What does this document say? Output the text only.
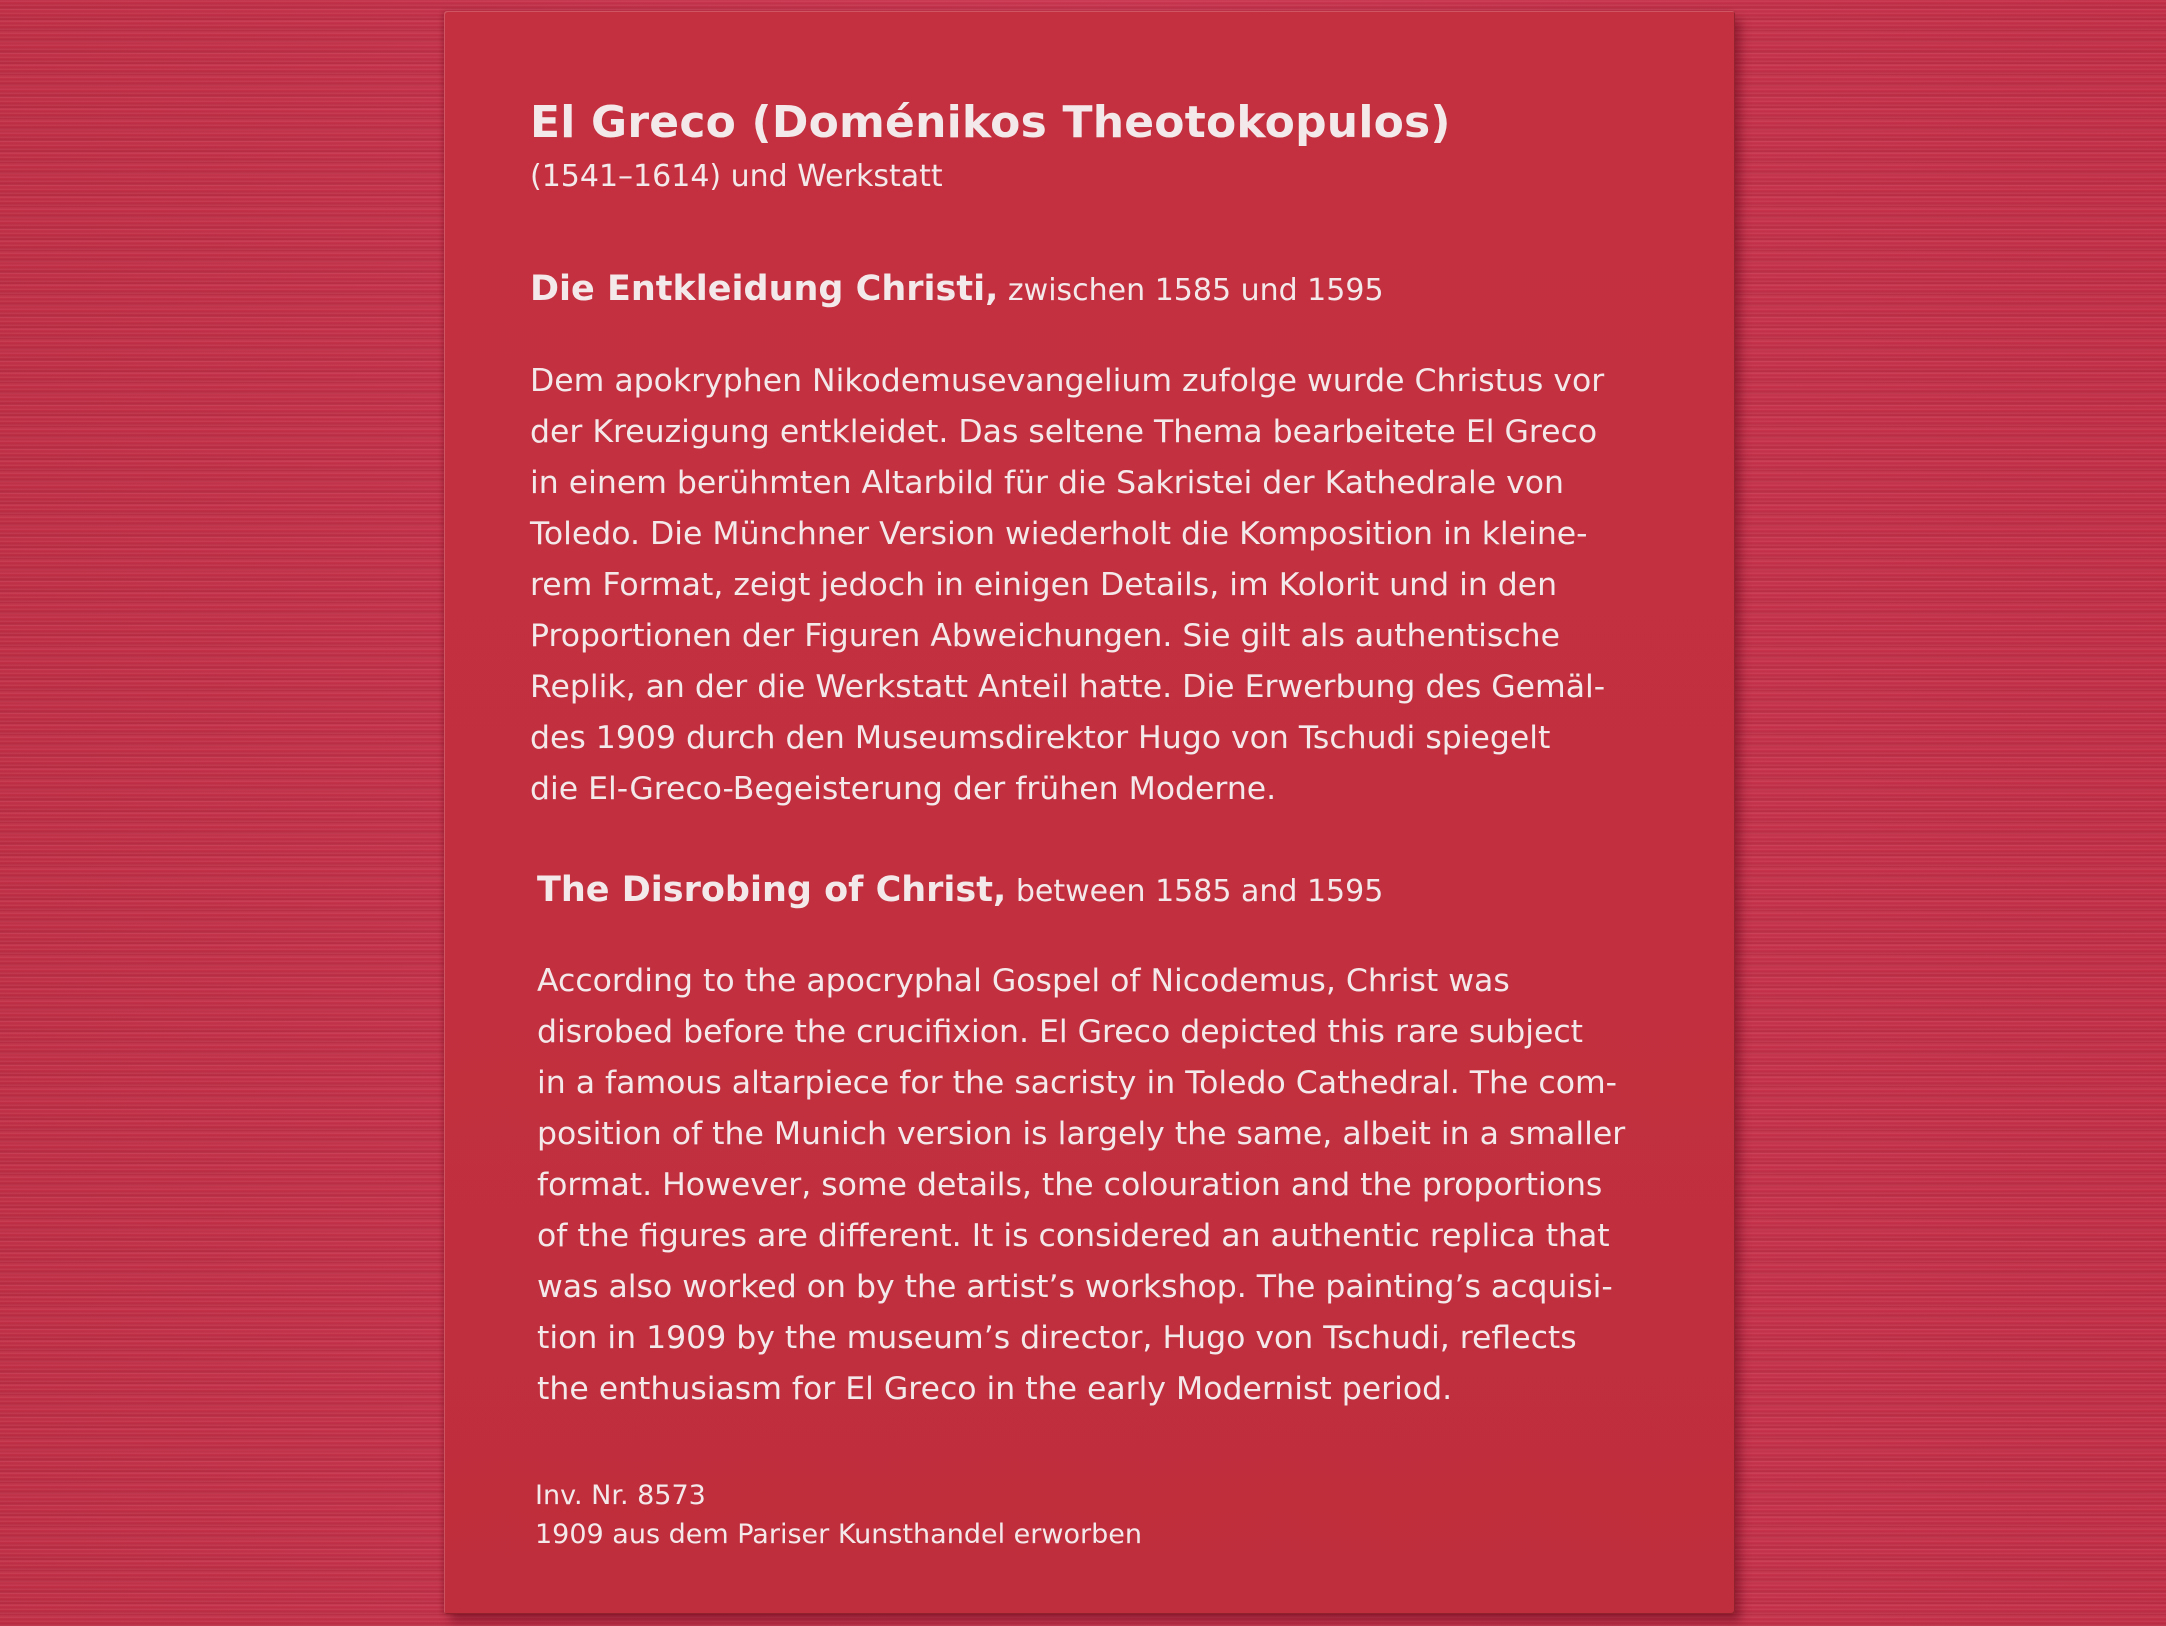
El Greco (Doménikos Theotokopulos)
(1541–1614) und Werkstatt
Die Entkleidung Christi, zwischen 1585 und 1595

Dem apokryphen Nikodemusevangelium zufolge wurde Christus vor
der Kreuzigung entkleidet. Das seltene Thema bearbeitete El Greco
in einem berühmten Altarbild für die Sakristei der Kathedrale von
Toledo. Die Münchner Version wiederholt die Komposition in kleine-
rem Format, zeigt jedoch in einigen Details, im Kolorit und in den
Proportionen der Figuren Abweichungen. Sie gilt als authentische
Replik, an der die Werkstatt Anteil hatte. Die Erwerbung des Gemäl-
des 1909 durch den Museumsdirektor Hugo von Tschudi spiegelt
die El-Greco-Begeisterung der frühen Moderne.

The Disrobing of Christ, between 1585 and 1595

According to the apocryphal Gospel of Nicodemus, Christ was
disrobed before the crucifixion. El Greco depicted this rare subject
in a famous altarpiece for the sacristy in Toledo Cathedral. The com-
position of the Munich version is largely the same, albeit in a smaller
format. However, some details, the colouration and the proportions
of the figures are different. It is considered an authentic replica that
was also worked on by the artist’s workshop. The painting’s acquisi-
tion in 1909 by the museum’s director, Hugo von Tschudi, reflects
the enthusiasm for El Greco in the early Modernist period.

Inv. Nr. 8573
1909 aus dem Pariser Kunsthandel erworben
